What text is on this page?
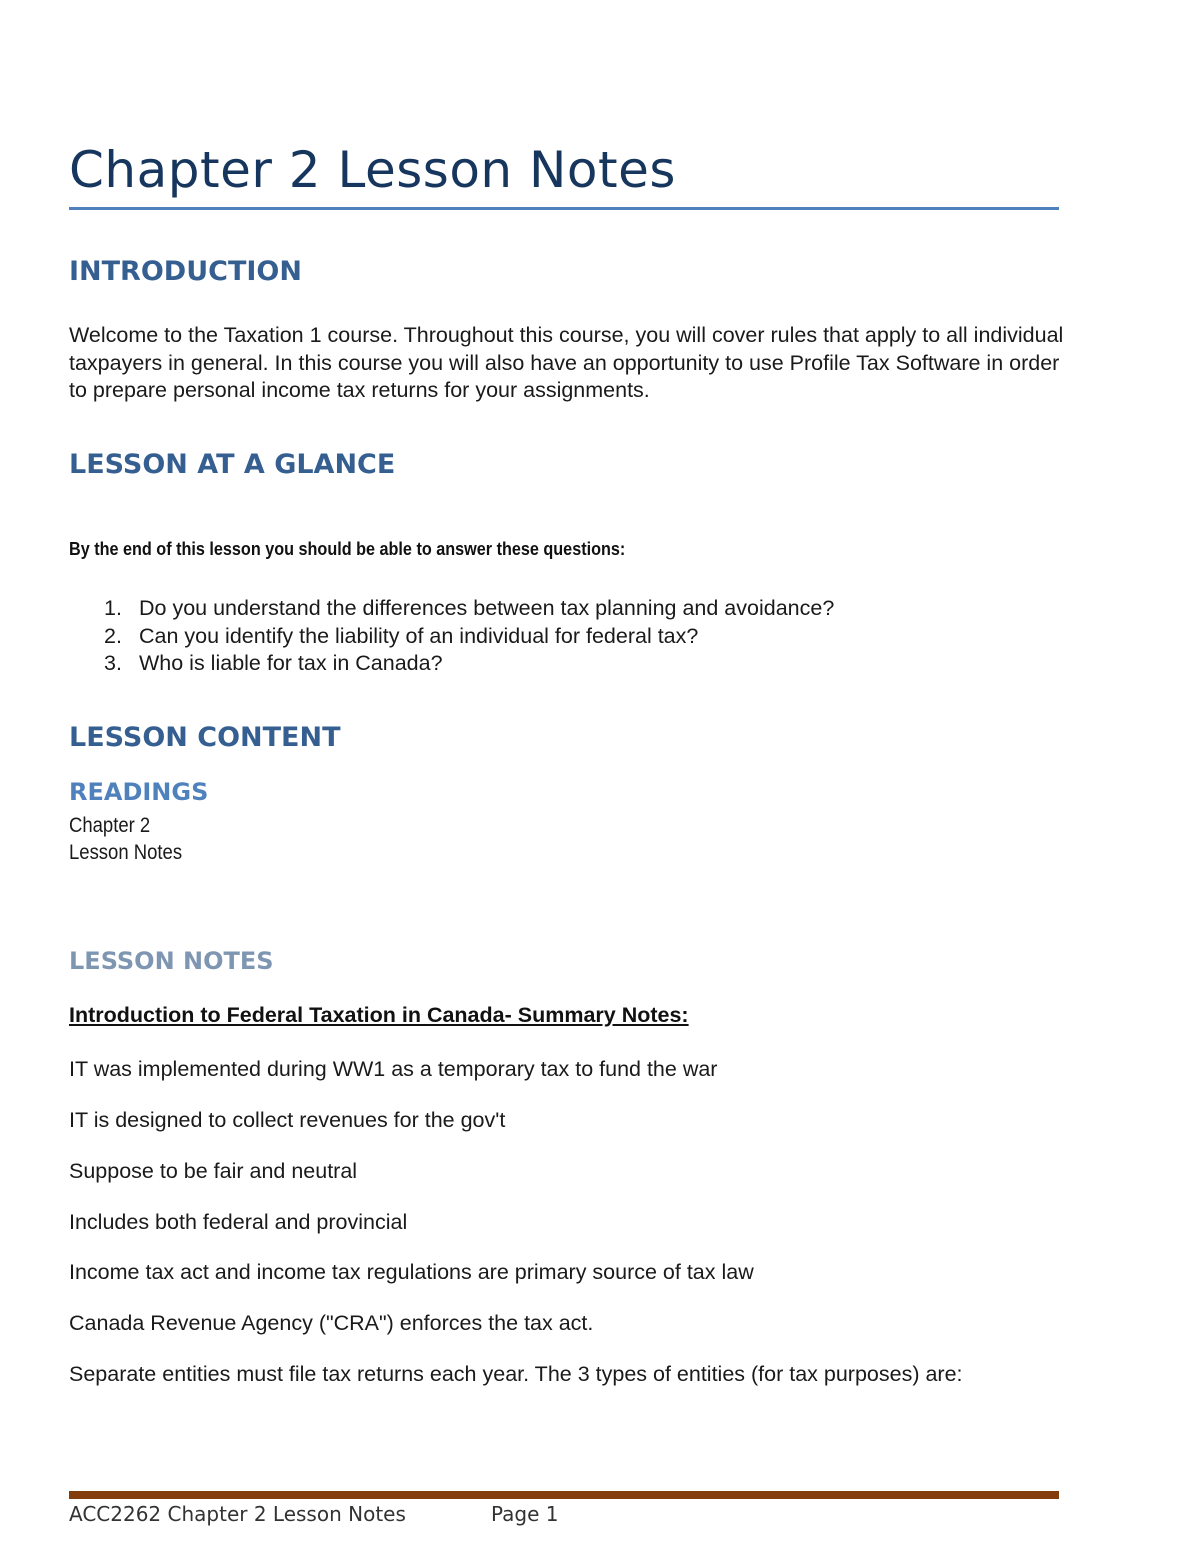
Chapter 2 Lesson Notes
INTRODUCTION
Welcome to the Taxation 1 course. Throughout this course, you will cover rules that apply to all individual taxpayers in general. In this course you will also have an opportunity to use Profile Tax Software in order to prepare personal income tax returns for your assignments.
LESSON AT A GLANCE
By the end of this lesson you should be able to answer these questions:
1. Do you understand the differences between tax planning and avoidance?
2. Can you identify the liability of an individual for federal tax?
3. Who is liable for tax in Canada?
LESSON CONTENT
READINGS
Chapter 2
Lesson Notes
LESSON NOTES
Introduction to Federal Taxation in Canada- Summary Notes:
IT was implemented during WW1 as a temporary tax to fund the war
IT is designed to collect revenues for the gov't
Suppose to be fair and neutral
Includes both federal and provincial
Income tax act and income tax regulations are primary source of tax law
Canada Revenue Agency ("CRA") enforces the tax act.
Separate entities must file tax returns each year. The 3 types of entities (for tax purposes) are:
ACC2262 Chapter 2 Lesson Notes	Page 1
